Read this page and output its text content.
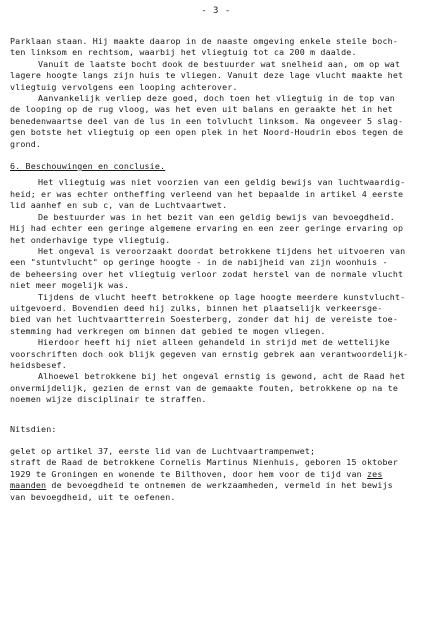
- 3 -

Parklaan staan. Hij maakte daarop in de naaste omgeving enkele steile boch-

ten linksom en rechtsom, waarbij het vliegtuig tot ca 200 m daalde.

Vanuit de laatste bocht dook de bestuurder wat snelheid aan, om op wat

lagere hoogte langs zijn huis te vliegen. Vanuit deze lage vlucht maakte het

vliegtuig vervolgens een looping achterover.

Aanvankelijk verliep deze goed, doch toen het vliegtuig in de top van

de looping op de rug vloog, was het even uit balans en geraakte het in het

benedenwaartse deel van de lus in een tolvlucht linksom. Na ongeveer 5 slag-

gen botste het vliegtuig op een open plek in het Noord-Houdrin ebos tegen de

grond.

6. Beschouwingen en conclusie.

Het vliegtuig was niet voorzien van een geldig bewijs van luchtwaardig-

heid; er was echter ontheffing verleend van het bepaalde in artikel 4 eerste

lid aanhef en sub c, van de Luchtvaartwet.

De bestuurder was in het bezit van een geldig bewijs van bevoegdheid.

Hij had echter een geringe algemene ervaring en een zeer geringe ervaring op

het onderhavige type vliegtuig.

Het ongeval is veroorzaakt doordat betrokkene tijdens het uitvoeren van

een "stuntvlucht" op geringe hoogte - in de nabijheid van zijn woonhuis -

de beheersing over het vliegtuig verloor zodat herstel van de normale vlucht

niet meer mogelijk was.

Tijdens de vlucht heeft betrokkene op lage hoogte meerdere kunstvlucht-

uitgevoerd. Bovendien deed hij zulks, binnen het plaatselijk verkeersge-

bied van het luchtvaartterrein Soesterberg, zonder dat hij de vereiste toe-

stemming had verkregen om binnen dat gebied te mogen vliegen.

Hierdoor heeft hij niet alleen gehandeld in strijd met de wettelijke

voorschriften doch ook blijk gegeven van ernstig gebrek aan verantwoordelijk-

heidsbesef.

Alhoewel betrokkene bij het ongeval ernstig is gewond, acht de Raad het

onvermijdelijk, gezien de ernst van de gemaakte fouten, betrokkene op na te

noemen wijze disciplinair te straffen.

Nitsdien:

gelet op artikel 37, eerste lid van de Luchtvaartrampenwet;

straft de Raad de betrokkene Cornelis Martinus Nienhuis, geboren 15 oktober

1929 te Groningen en wonende te Bilthoven, door hem voor de tijd van zes

maanden de bevoegdheid te ontnemen de werkzaamheden, vermeld in het bewijs

van bevoegdheid, uit te oefenen.
